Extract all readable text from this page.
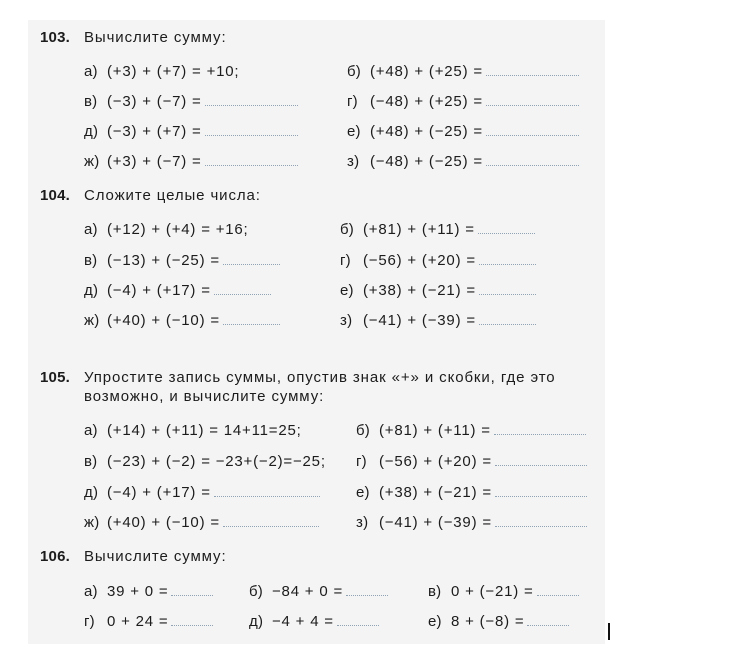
103. Вычислите сумму:
а) (+3) + (+7) = +10;	б) (+48) + (+25) =
в) (−3) + (−7) =	г) (−48) + (+25) =
д) (−3) + (+7) =	е) (+48) + (−25) =
ж) (+3) + (−7) =	з) (−48) + (−25) =
104. Сложите целые числа:
а) (+12) + (+4) = +16;	б) (+81) + (+11) =
в) (−13) + (−25) =	г) (−56) + (+20) =
д) (−4) + (+17) =	е) (+38) + (−21) =
ж) (+40) + (−10) =	з) (−41) + (−39) =
105. Упростите запись суммы, опустив знак «+» и скобки, где это
возможно, и вычислите сумму:
а) (+14) + (+11) = 14+11=25;	б) (+81) + (+11) =
в) (−23) + (−2) = −23+(−2)=−25; г) (−56) + (+20) =
д) (−4) + (+17) =	е) (+38) + (−21) =
ж) (+40) + (−10) =	з) (−41) + (−39) =
106. Вычислите сумму:
а) 39 + 0 =	б) −84 + 0 =	в) 0 + (−21) =
г) 0 + 24 =	д) −4 + 4 =	е) 8 + (−8) =
